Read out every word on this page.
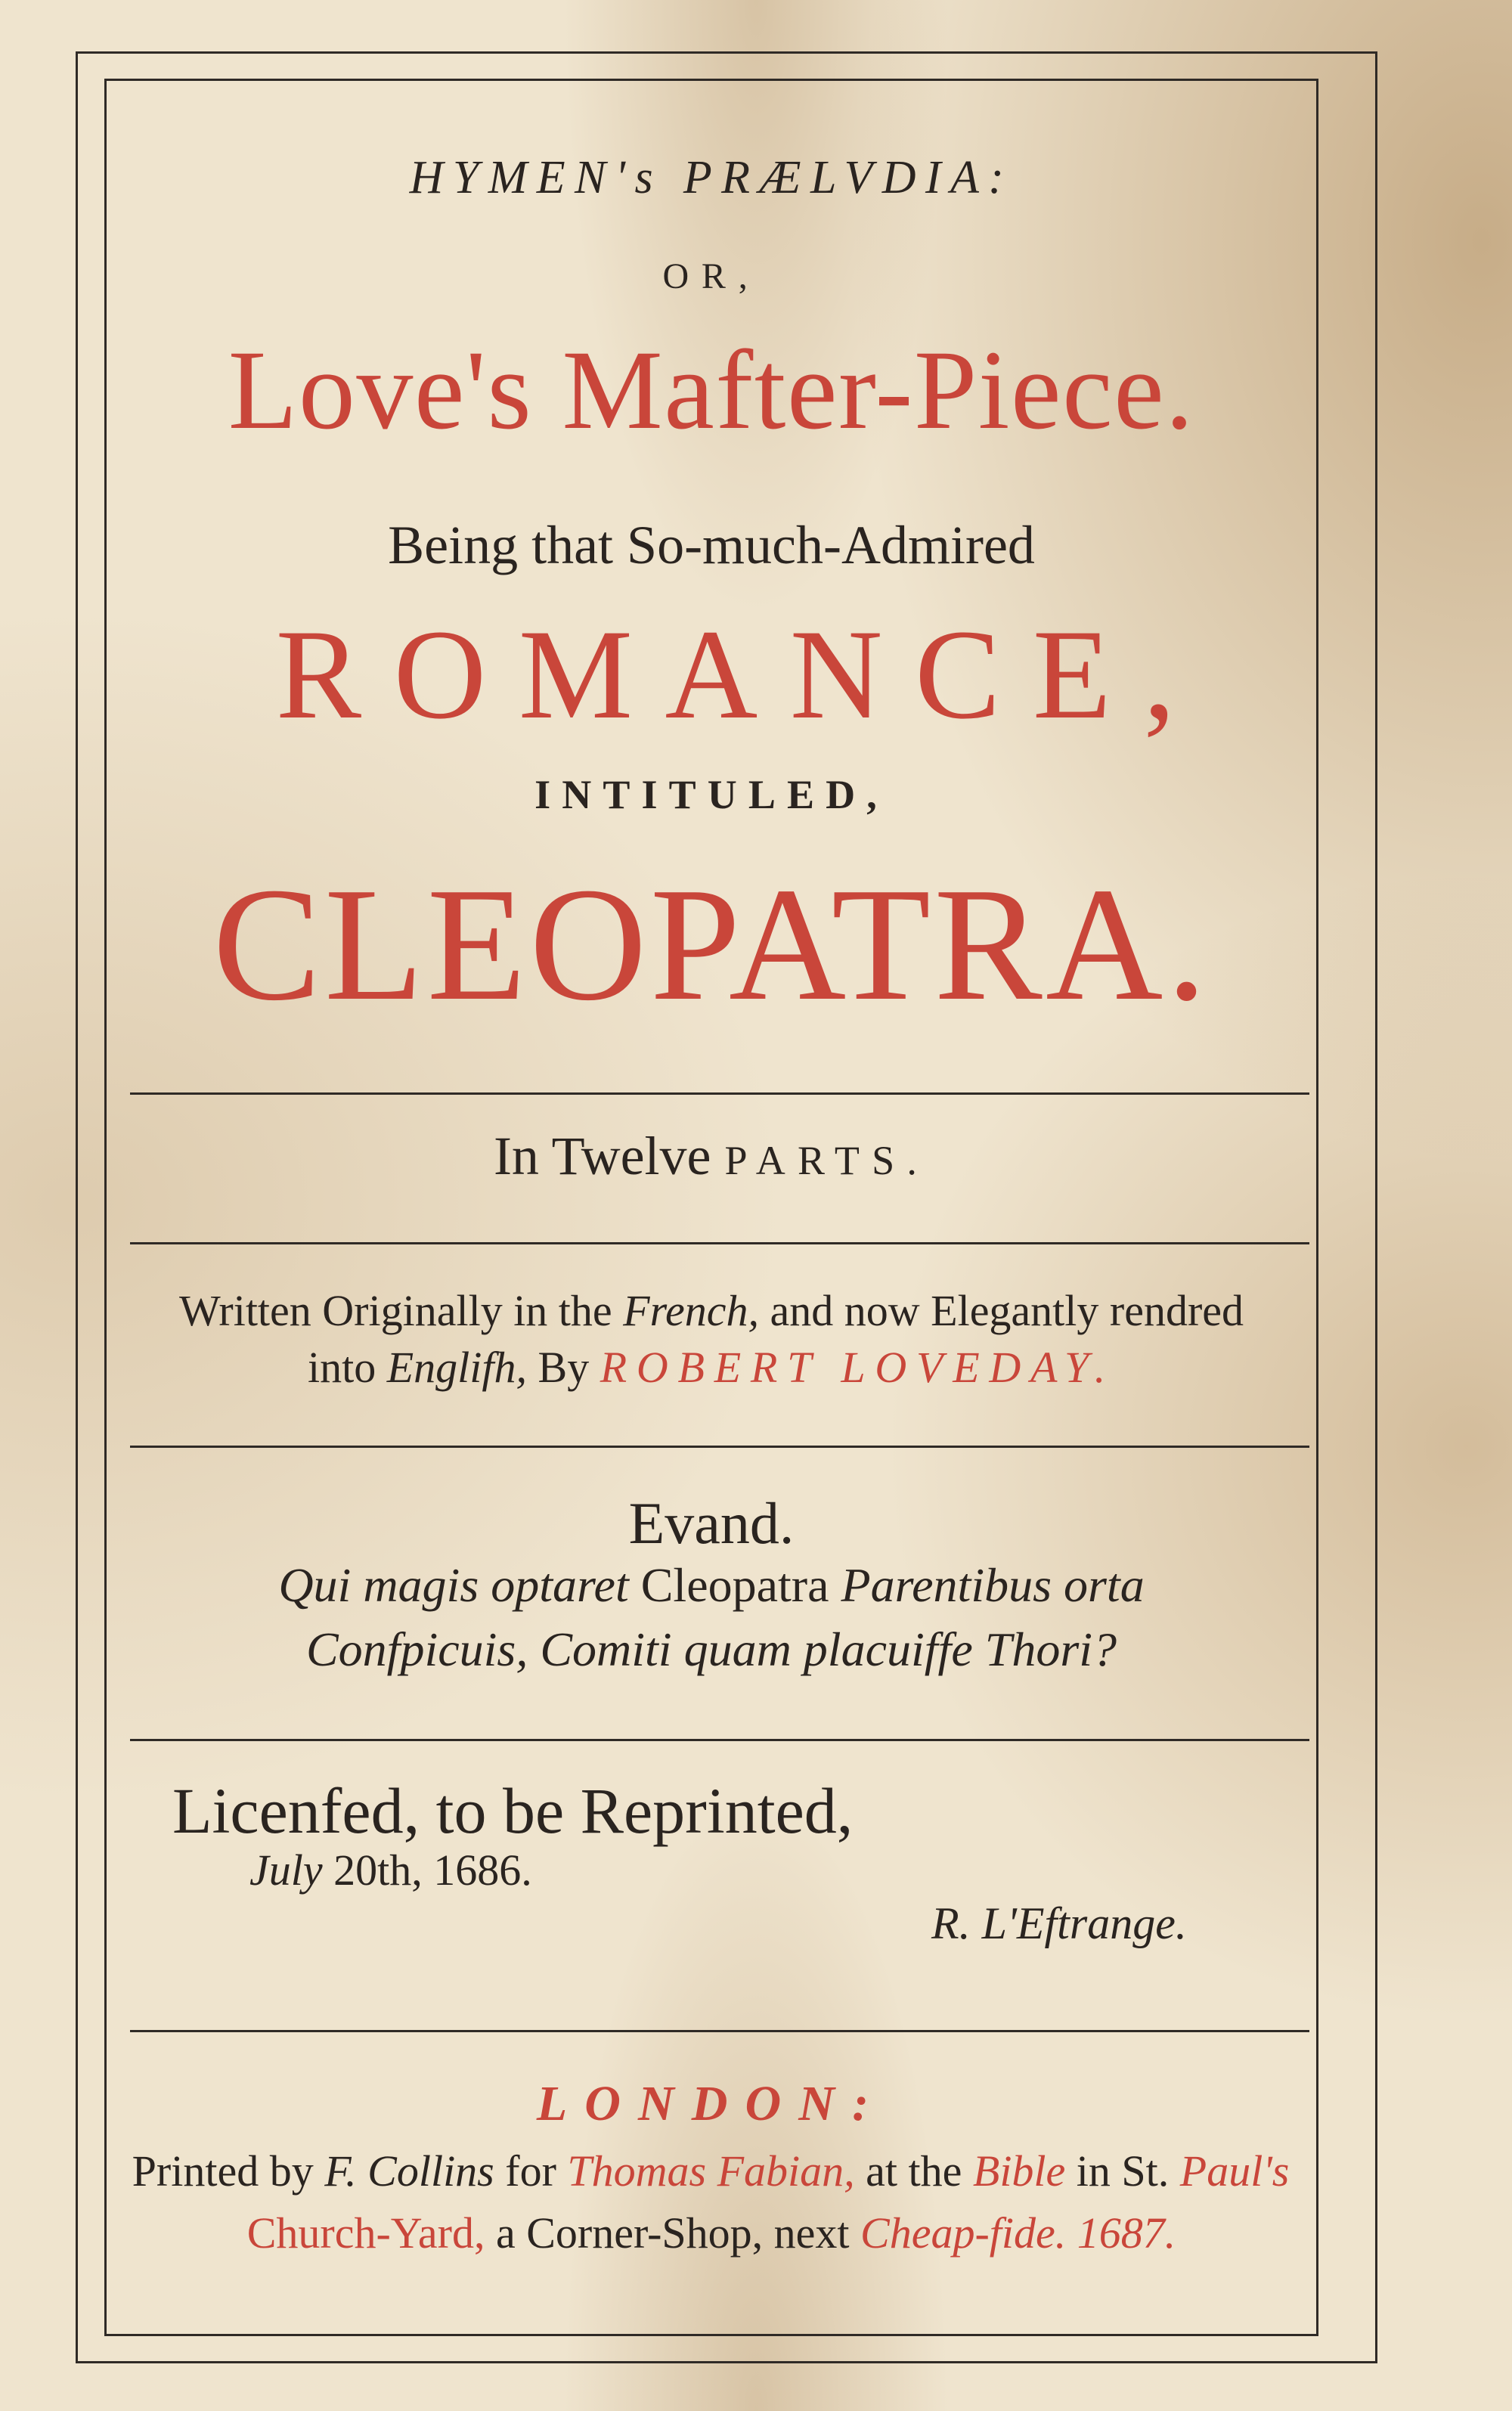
HYMEN's PRÆLVDIA:
OR,
Love's Mafter-Piece.
Being that So-much-Admired
ROMANCE,
INTITULED,
CLEOPATRA.
In Twelve PARTS.
Written Originally in the French, and now Elegantly rendred
into Englifh, By ROBERT LOVEDAY.
Evand.
Qui magis optaret Cleopatra Parentibus orta
Confpicuis, Comiti quam placuiffe Thori?
Licenfed, to be Reprinted,
July 20th, 1686.
R. L'Eftrange.
LONDON:
Printed by F. Collins for Thomas Fabian, at the Bible in St. Paul's
Church-Yard, a Corner-Shop, next Cheap-fide. 1687.
